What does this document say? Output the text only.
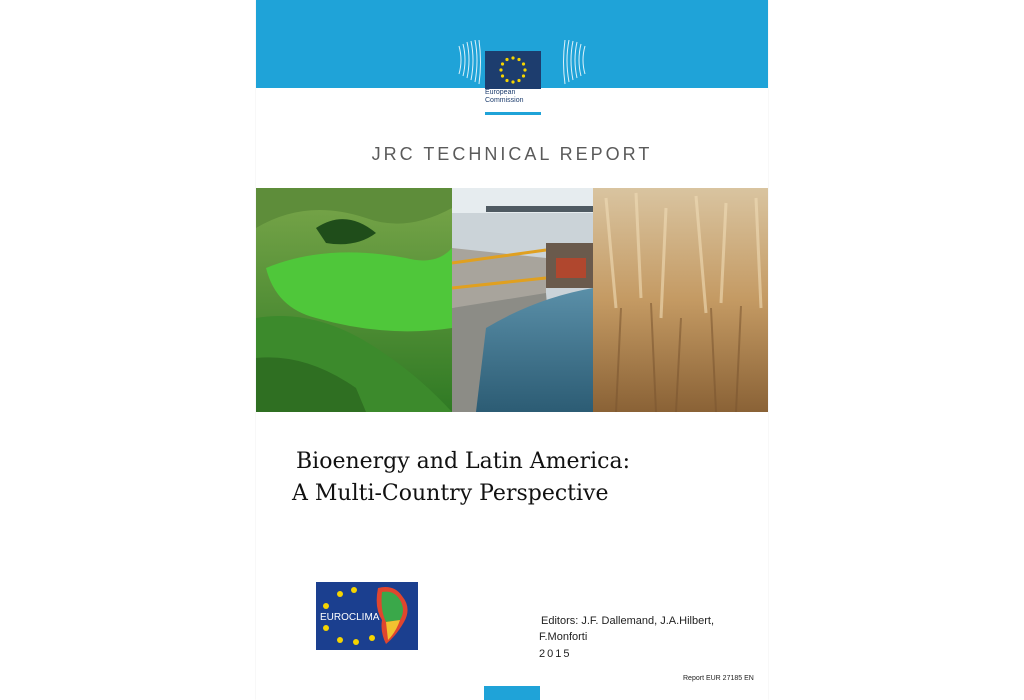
European
Commission
JRC TECHNICAL REPORT
Bioenergy and Latin America:
A Multi-Country Perspective
EUROCLIMA	Editors: J.F. Dallemand, J.A.Hilbert,
F.Monforti
2015
Report EUR 27185 EN
